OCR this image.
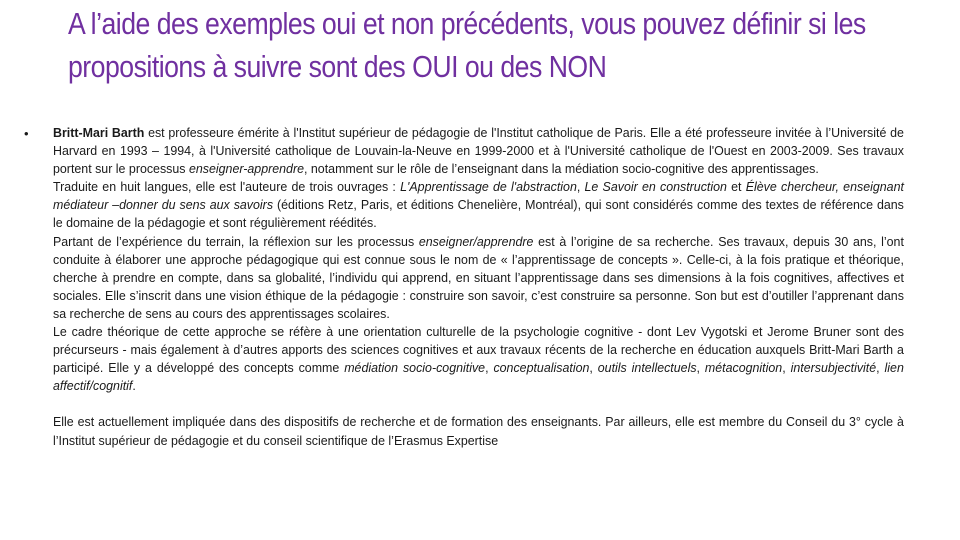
A l’aide des exemples oui et non précédents, vous pouvez définir si les propositions à suivre sont des OUI ou des NON
•	Britt-Mari Barth est professeure émérite à l'Institut supérieur de pédagogie de l'Institut catholique de Paris. Elle a été professeure invitée à l’Université de Harvard en 1993 – 1994, à l'Université catholique de Louvain-la-Neuve en 1999-2000 et à l'Université catholique de l'Ouest en 2003-2009. Ses travaux portent sur le processus enseigner-apprendre, notamment sur le rôle de l’enseignant dans la médiation socio-cognitive des apprentissages.

Traduite en huit langues, elle est l'auteure de trois ouvrages : L'Apprentissage de l'abstraction, Le Savoir en construction et Élève chercheur, enseignant médiateur –donner du sens aux savoirs (éditions Retz, Paris, et éditions Chenelière, Montréal), qui sont considérés comme des textes de référence dans le domaine de la pédagogie et sont régulièrement réédités.

Partant de l’expérience du terrain, la réflexion sur les processus enseigner/apprendre est à l’origine de sa recherche. Ses travaux, depuis 30 ans, l’ont conduite à élaborer une approche pédagogique qui est connue sous le nom de « l’apprentissage de concepts ». Celle-ci, à la fois pratique et théorique, cherche à prendre en compte, dans sa globalité, l’individu qui apprend, en situant l’apprentissage dans ses dimensions à la fois cognitives, affectives et sociales. Elle s’inscrit dans une vision éthique de la pédagogie : construire son savoir, c’est construire sa personne. Son but est d’outiller l’apprenant dans sa recherche de sens au cours des apprentissages scolaires.

Le cadre théorique de cette approche se réfère à une orientation culturelle de la psychologie cognitive - dont Lev Vygotski et Jerome Bruner sont des précurseurs - mais également à d’autres apports des sciences cognitives et aux travaux récents de la recherche en éducation auxquels Britt-Mari Barth a participé. Elle y a développé des concepts comme médiation socio-cognitive, conceptualisation, outils intellectuels, métacognition, intersubjectivité, lien affectif/cognitif.

Elle est actuellement impliquée dans des dispositifs de recherche et de formation des enseignants. Par ailleurs, elle est membre du Conseil du 3° cycle à l’Institut supérieur de pédagogie et du conseil scientifique de l’Erasmus Expertise
